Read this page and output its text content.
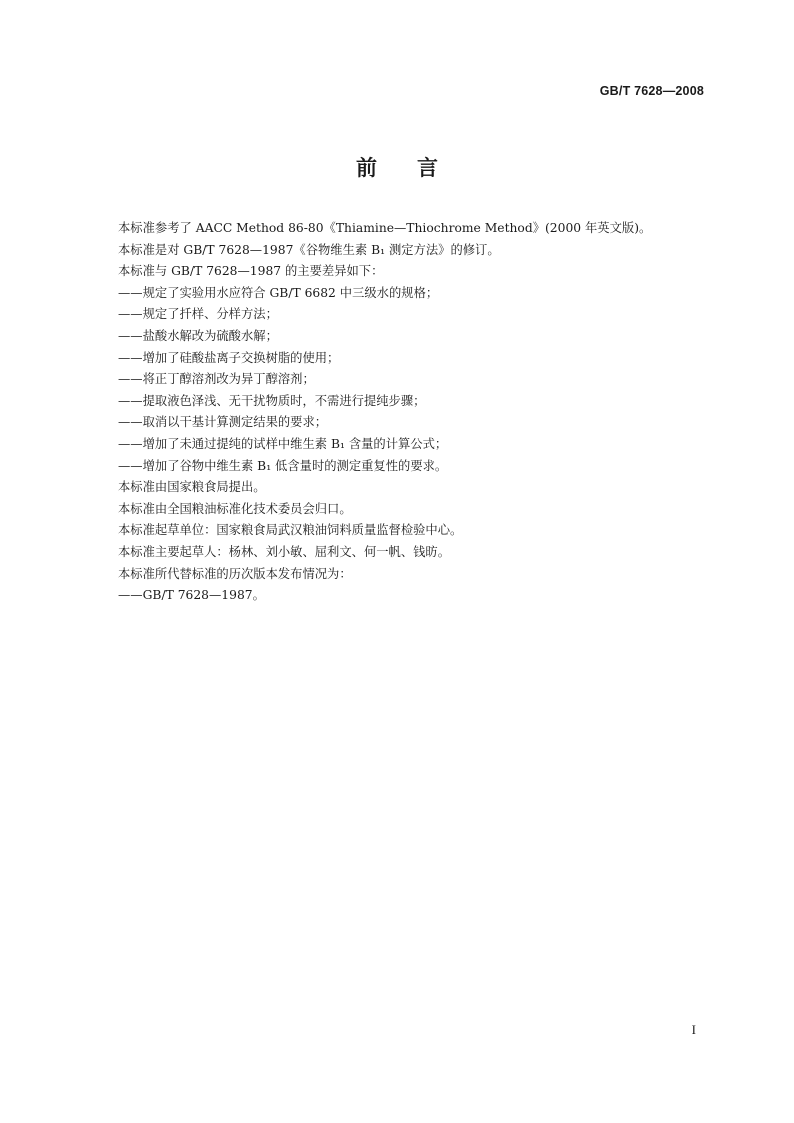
GB/T 7628—2008
前言
本标准参考了 AACC Method 86-80《Thiamine—Thiochrome Method》(2000 年英文版)。
本标准是对 GB/T 7628—1987《谷物维生素 B₁ 测定方法》的修订。
本标准与 GB/T 7628—1987 的主要差异如下：
——规定了实验用水应符合 GB/T 6682 中三级水的规格；
——规定了扦样、分样方法；
——盐酸水解改为硫酸水解；
——增加了硅酸盐离子交换树脂的使用；
——将正丁醇溶剂改为异丁醇溶剂；
——提取液色泽浅、无干扰物质时，不需进行提纯步骤；
——取消以干基计算测定结果的要求；
——增加了未通过提纯的试样中维生素 B₁ 含量的计算公式；
——增加了谷物中维生素 B₁ 低含量时的测定重复性的要求。
本标准由国家粮食局提出。
本标准由全国粮油标准化技术委员会归口。
本标准起草单位：国家粮食局武汉粮油饲料质量监督检验中心。
本标准主要起草人：杨林、刘小敏、屈利文、何一帆、钱昉。
本标准所代替标准的历次版本发布情况为：
——GB/T 7628—1987。
I
